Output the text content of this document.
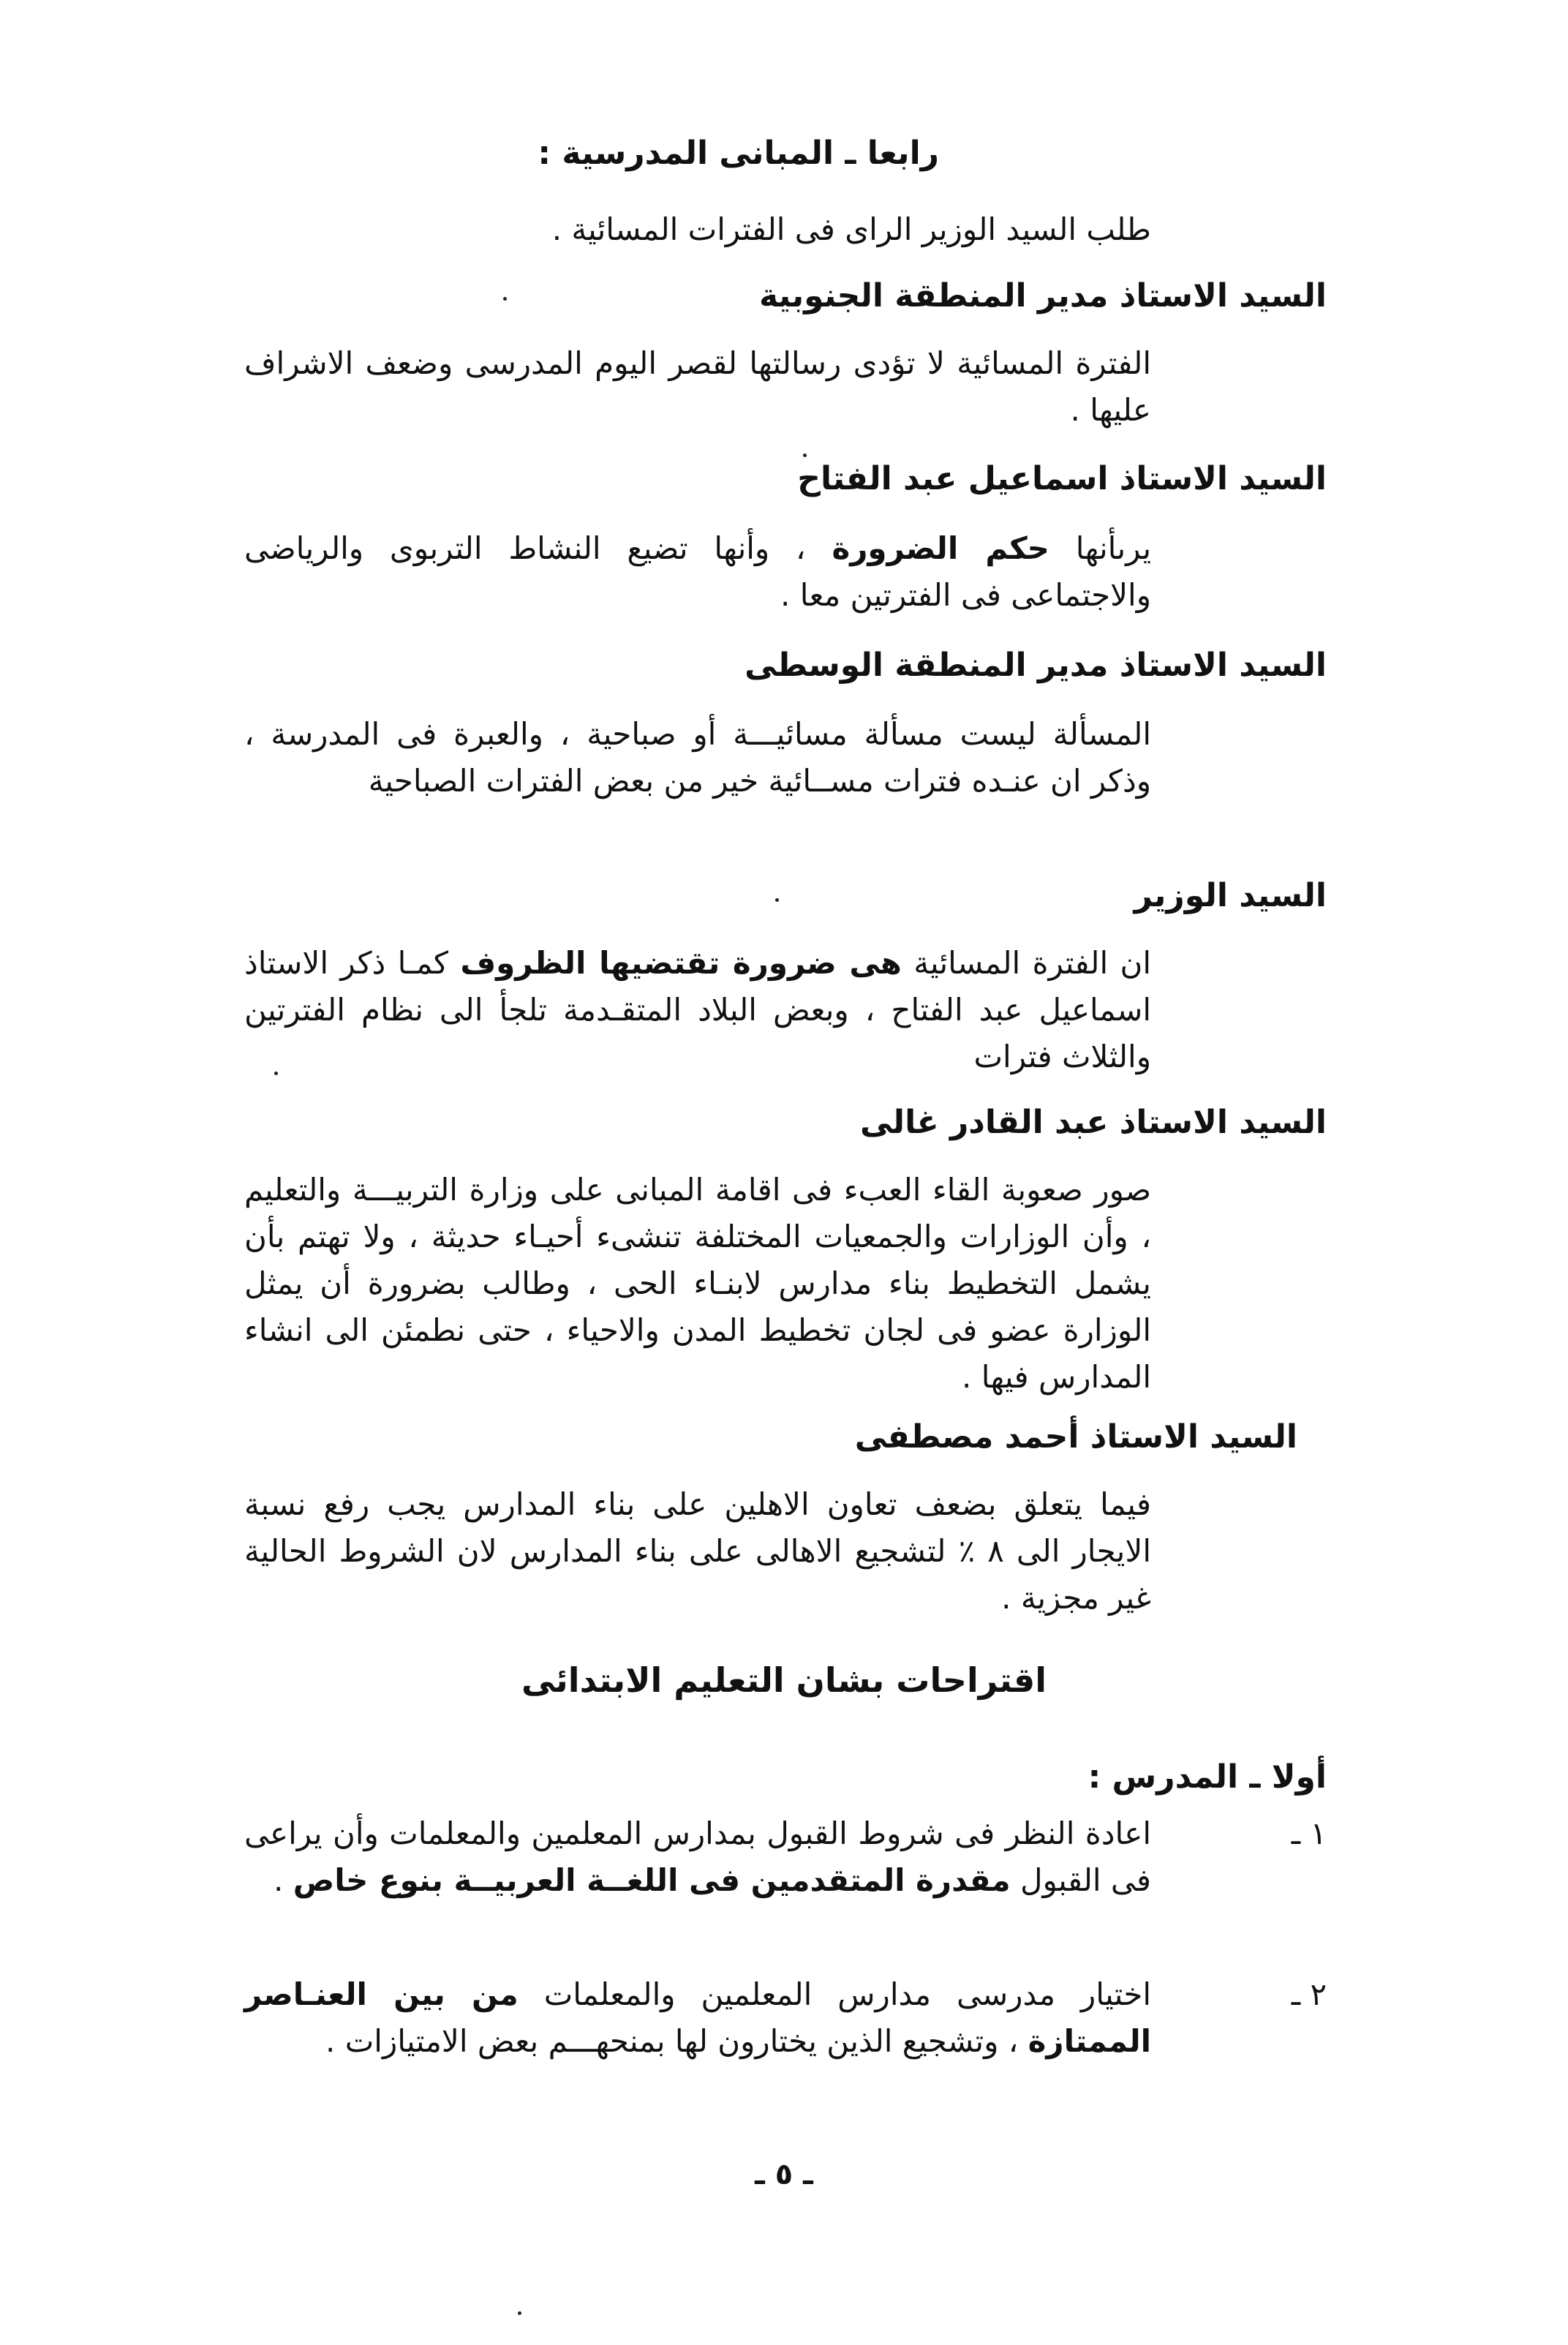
رابعا ـ المبانى المدرسية :
طلب السيد الوزير الراى فى الفترات المسائية .
السيد الاستاذ مدير المنطقة الجنوبية
الفترة المسائية لا تؤدى رسالتها لقصر اليوم المدرسى وضعف الاشراف عليها .
السيد الاستاذ اسماعيل عبد الفتاح
يرىأنها حكم الضرورة ، وأنها تضيع النشاط التربوى والرياضى والاجتماعى فى الفترتين معا .
السيد الاستاذ مدير المنطقة الوسطى
المسألة ليست مسألة مسائيـــة أو صباحية ، والعبرة فى المدرسة ، وذكر ان عنـده فترات مســائية خير من بعض الفترات الصباحية
السيد الوزير
ان الفترة المسائية هى ضرورة تقتضيها الظروف كمـا ذكر الاستاذ اسماعيل عبد الفتاح ، وبعض البلاد المتقـدمة تلجأ الى نظام الفترتين والثلاث فترات
السيد الاستاذ عبد القادر غالى
صور صعوبة القاء العبء فى اقامة المبانى على وزارة التربيـــة والتعليم ، وأن الوزارات والجمعيات المختلفة تنشىء أحيـاء حديثة ، ولا تهتم بأن يشمل التخطيط بناء مدارس لابنـاء الحى ، وطالب بضرورة أن يمثل الوزارة عضو فى لجان تخطيط المدن والاحياء ، حتى نطمئن الى انشاء المدارس فيها .
السيد الاستاذ أحمد مصطفى
فيما يتعلق بضعف تعاون الاهلين على بناء المدارس يجب رفع نسبة الايجار الى ٨ ٪ لتشجيع الاهالى على بناء المدارس لان الشروط الحالية غير مجزية .
اقتراحات بشان التعليم الابتدائى
أولا ـ المدرس :
١ ـ
اعادة النظر فى شروط القبول بمدارس المعلمين والمعلمات وأن يراعى فى القبول مقدرة المتقدمين فى اللغــة العربيــة بنوع خاص .
٢ ـ
اختيار مدرسى مدارس المعلمين والمعلمات من بين العنـاصر الممتازة ، وتشجيع الذين يختارون لها بمنحهـــم بعض الامتيازات .
ـ ٥ ـ
